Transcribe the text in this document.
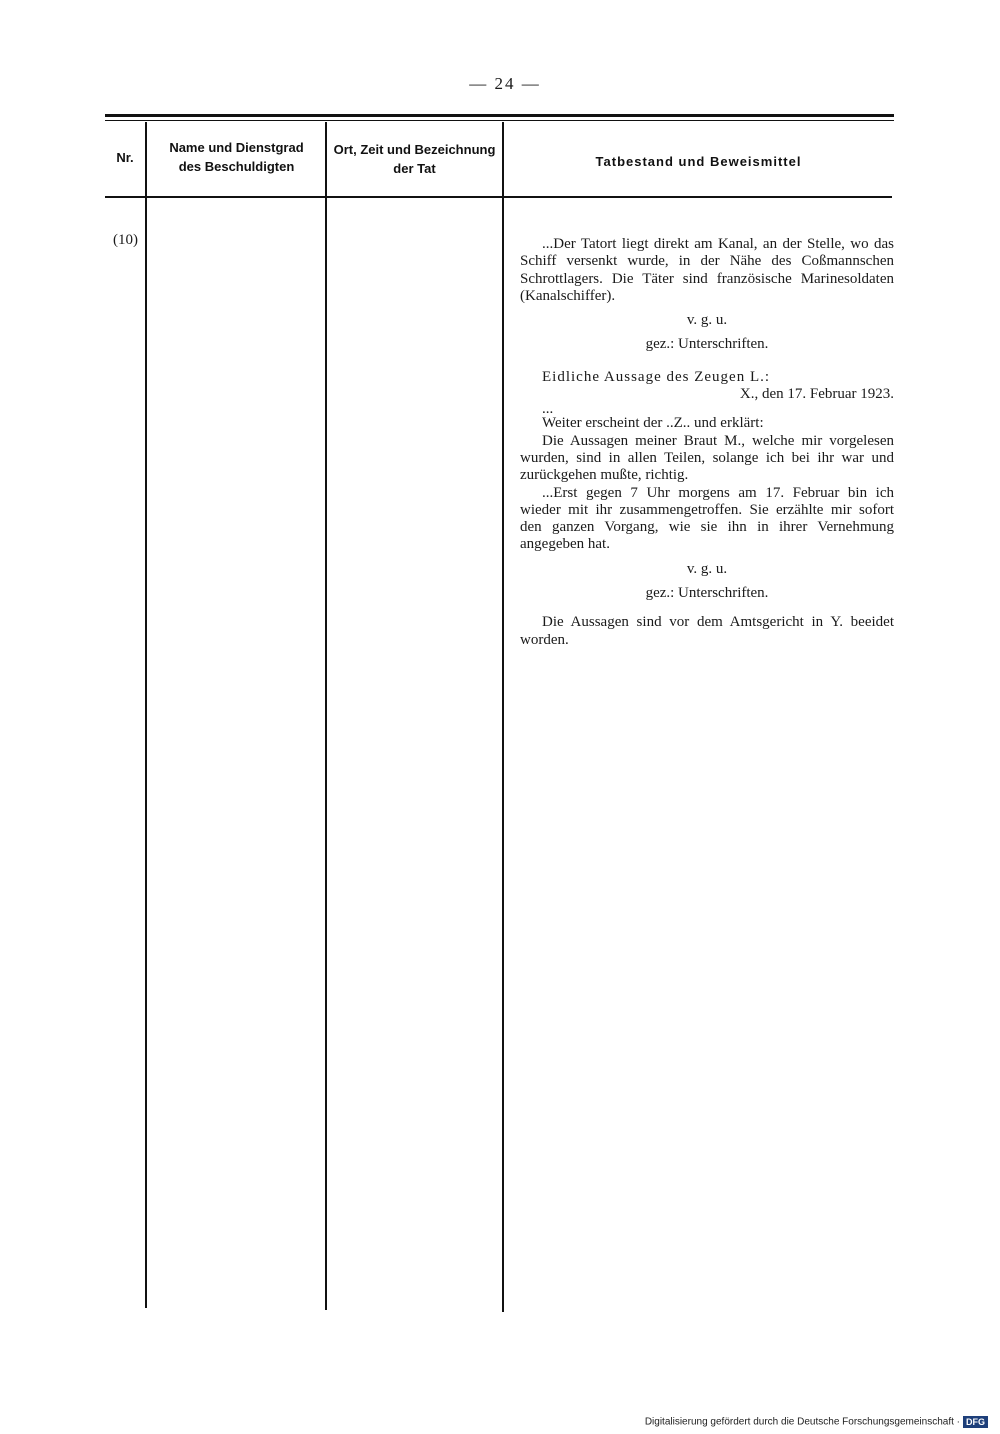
— 24 —
Nr.
Name und Dienstgrad
des Beschuldigten
Ort, Zeit und Bezeichnung
der Tat	Tatbestand und Beweismittel
(10)	...Der Tatort liegt direkt am Kanal, an der Stelle, wo das Schiff versenkt wurde, in der Nähe des Coßmannschen Schrottlagers. Die Täter sind französische Marinesoldaten (Kanalschiffer).

v. g. u.

gez.: Unterschriften.

Eidliche Aussage des Zeugen L.:

X., den 17. Februar 1923.

...

Weiter erscheint der ..Z.. und erklärt:

Die Aussagen meiner Braut M., welche mir vorgelesen wurden, sind in allen Teilen, solange ich bei ihr war und zurückgehen mußte, richtig.

...Erst gegen 7 Uhr morgens am 17. Februar bin ich wieder mit ihr zusammengetroffen. Sie erzählte mir sofort den ganzen Vorgang, wie sie ihn in ihrer Vernehmung angegeben hat.

v. g. u.

gez.: Unterschriften.

Die Aussagen sind vor dem Amtsgericht in Y. beeidet worden.

Digitalisierung gefördert durch die Deutsche Forschungsgemeinschaft · DFG
